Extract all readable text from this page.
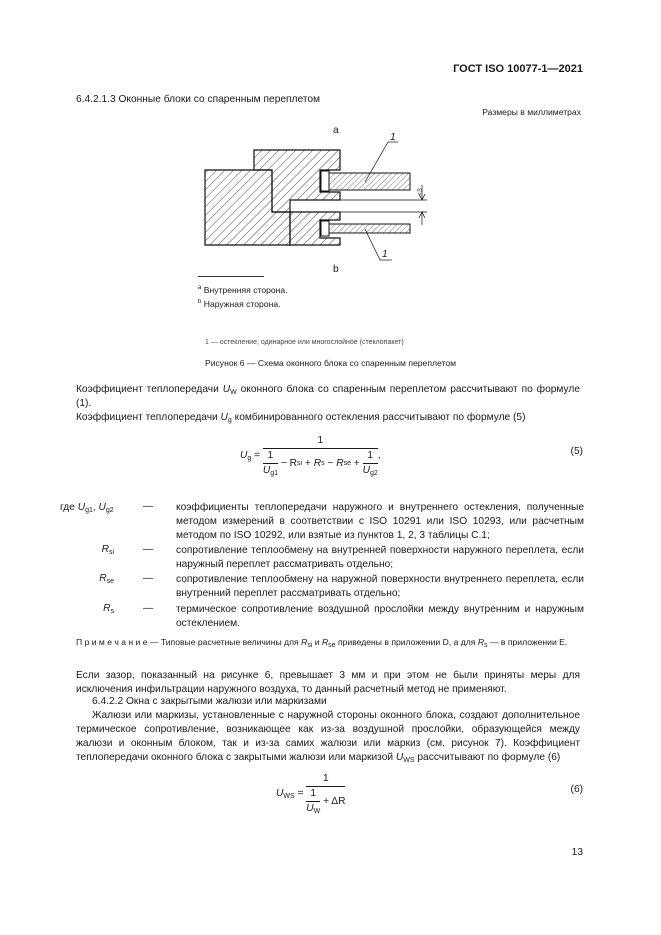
ГОСТ ISO 10077-1—2021
6.4.2.1.3 Оконные блоки со спаренным переплетом
Размеры в миллиметрах
a
b
1
1
≤3
$^a$ Внутренняя сторона.
$^b$ Наружная сторона.
1 — остекление, одинарное или многослойное (стеклопакет)
Рисунок 6 — Схема оконного блока со спаренным переплетом
Коэффициент теплопередачи $U_W$ оконного блока со спаренным переплетом рассчитывают по формуле (1).
Коэффициент теплопередачи $U_g$ комбинированного остекления рассчитывают по формуле (5)
$U_g = 1$
$\frac{1}{U_{g1}}$
− R si + R s − R se + $\frac{1}{U_{g2}}$ ,	(5)
где $U_{g1}$, $U_{g2}$	— коэффициенты теплопередачи наружного и внутреннего остекления, полученные методом измерений в соответствии с ISO 10291 или ISO 10293, или расчетным методом по ISO 10292, или взятые из пунктов 1, 2, 3 таблицы С.1;
$R_{si}$	— сопротивление теплообмену на внутренней поверхности наружного переплета, если наружный переплет рассматривать отдельно;
$R_{se}$	— сопротивление теплообмену на наружной поверхности внутреннего переплета, если внутренний переплет рассматривать отдельно;
$R_s$	— термическое сопротивление воздушной прослойки между внутренним и наружным остеклением.
П р и м е ч а н и е — Типовые расчетные величины для $R_{si}$ и $R_{se}$ приведены в приложении D, а для $R_s$ — в приложении Е.
Если зазор, показанный на рисунке 6, превышает 3 мм и при этом не были приняты меры для исключения инфильтрации наружного воздуха, то данный расчетный метод не применяют.
6.4.2.2 Окна с закрытыми жалюзи или маркизами
Жалюзи или маркизы, установленные с наружной стороны оконного блока, создают дополнительное термическое сопротивление, возникающее как из-за воздушной прослойки, образующейся между жалюзи и оконным блоком, так и из-за самих жалюзи или маркиз (см. рисунок 7). Коэффициент теплопередачи оконного блока с закрытыми жалюзи или маркизой $U_{WS}$ рассчитывают по формуле (6)
$U_{WS} = 1$
$\frac{1}{U_W}$
+ ΔR	(6)
13
